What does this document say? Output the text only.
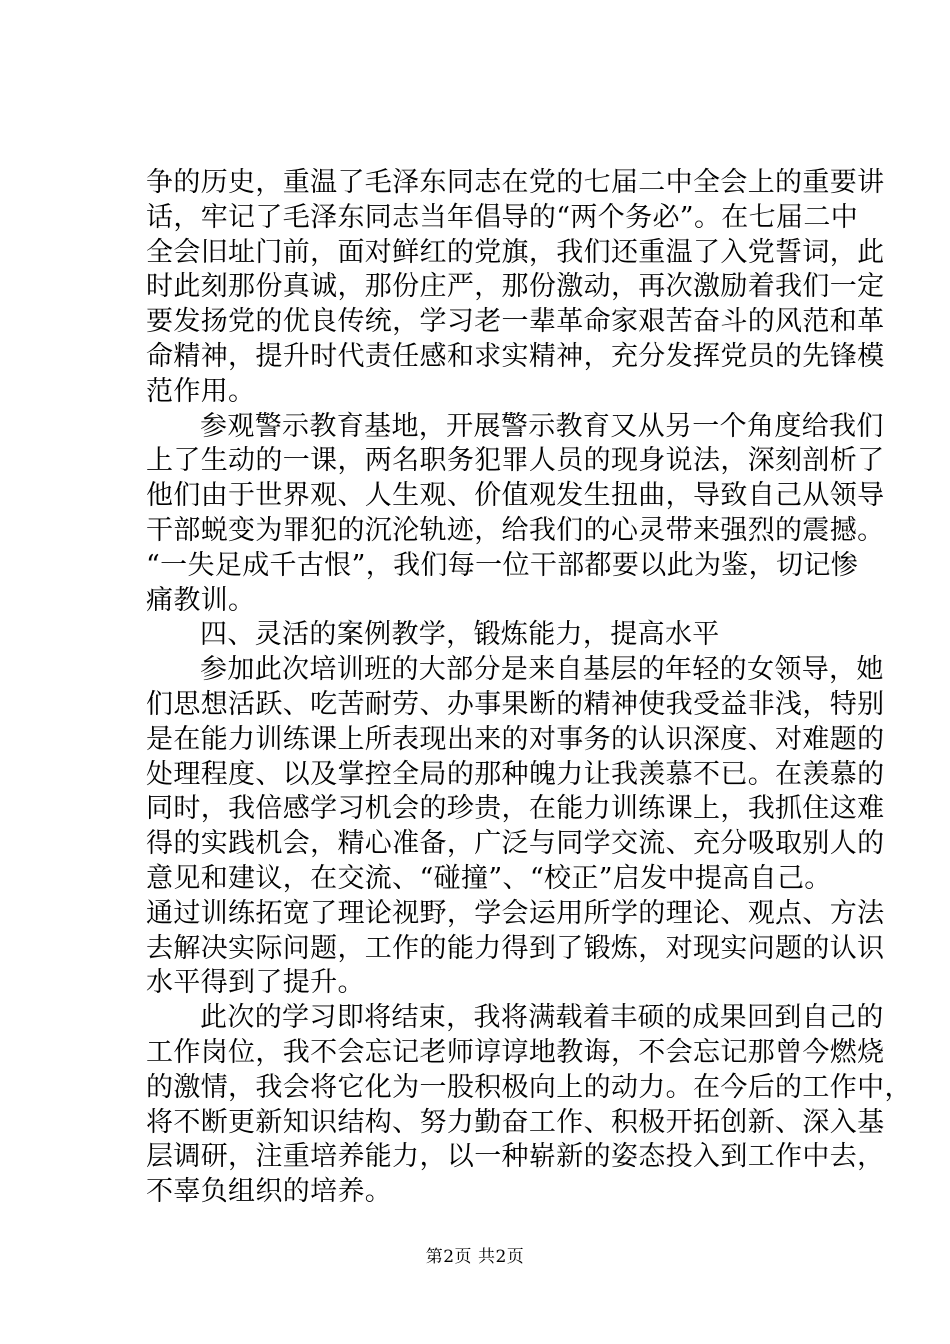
争的历史，重温了毛泽东同志在党的七届二中全会上的重要讲
话，牢记了毛泽东同志当年倡导的“两个务必”。在七届二中
全会旧址门前，面对鲜红的党旗，我们还重温了入党誓词，此
时此刻那份真诚，那份庄严，那份激动，再次激励着我们一定
要发扬党的优良传统，学习老一辈革命家艰苦奋斗的风范和革
命精神，提升时代责任感和求实精神，充分发挥党员的先锋模
范作用。

参观警示教育基地，开展警示教育又从另一个角度给我们
上了生动的一课，两名职务犯罪人员的现身说法，深刻剖析了
他们由于世界观、人生观、价值观发生扭曲，导致自己从领导
干部蜕变为罪犯的沉沦轨迹，给我们的心灵带来强烈的震撼。
“一失足成千古恨”，我们每一位干部都要以此为鉴，切记惨
痛教训。

四、灵活的案例教学，锻炼能力，提高水平

参加此次培训班的大部分是来自基层的年轻的女领导，她
们思想活跃、吃苦耐劳、办事果断的精神使我受益非浅，特别
是在能力训练课上所表现出来的对事务的认识深度、对难题的
处理程度、以及掌控全局的那种魄力让我羡慕不已。在羡慕的
同时，我倍感学习机会的珍贵，在能力训练课上，我抓住这难
得的实践机会，精心准备，广泛与同学交流、充分吸取别人的
意见和建议，在交流、“碰撞”、“校正”启发中提高自己。
通过训练拓宽了理论视野，学会运用所学的理论、观点、方法
去解决实际问题，工作的能力得到了锻炼，对现实问题的认识
水平得到了提升。

此次的学习即将结束，我将满载着丰硕的成果回到自己的
工作岗位，我不会忘记老师谆谆地教诲，不会忘记那曾今燃烧
的激情，我会将它化为一股积极向上的动力。在今后的工作中，
将不断更新知识结构、努力勤奋工作、积极开拓创新、深入基
层调研，注重培养能力，以一种崭新的姿态投入到工作中去，
不辜负组织的培养。

第2页 共2页
